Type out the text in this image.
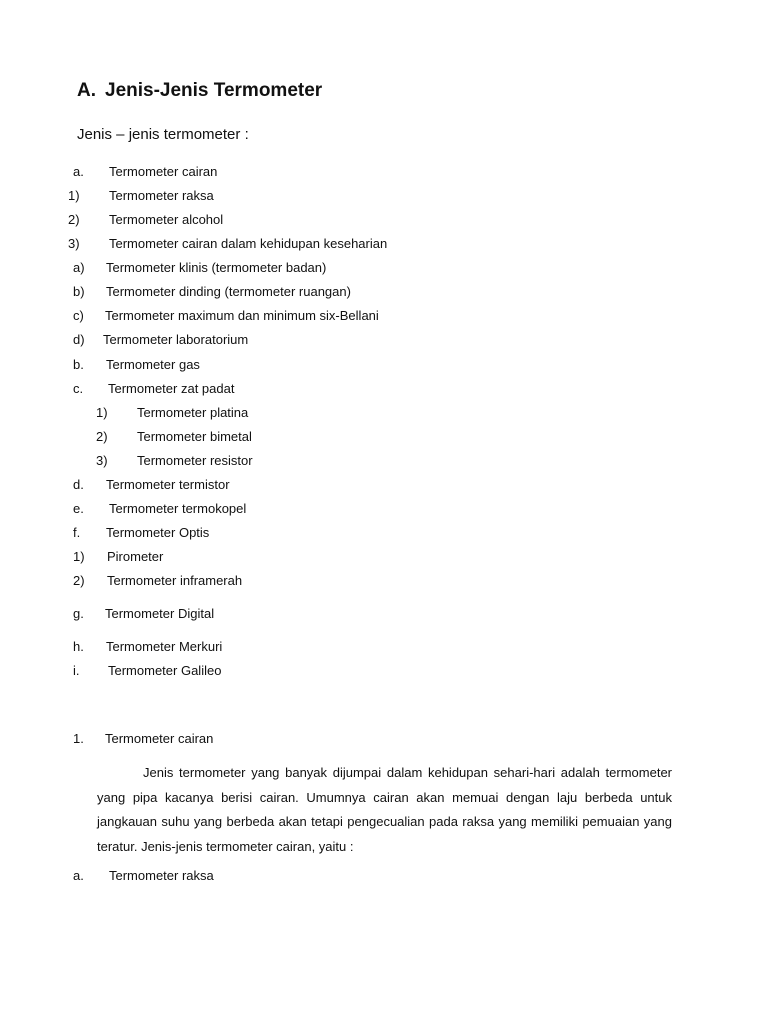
A. Jenis-Jenis Termometer
Jenis – jenis termometer :
a. Termometer cairan
1) Termometer raksa
2) Termometer alcohol
3) Termometer cairan dalam kehidupan keseharian
a) Termometer klinis (termometer badan)
b) Termometer dinding (termometer ruangan)
c) Termometer maximum dan minimum six-Bellani
d) Termometer laboratorium
b. Termometer gas
c. Termometer zat padat
1) Termometer platina
2) Termometer bimetal
3) Termometer resistor
d. Termometer termistor
e. Termometer termokopel
f. Termometer Optis
1) Pirometer
2) Termometer inframerah
g. Termometer Digital
h. Termometer Merkuri
i. Termometer Galileo
1. Termometer cairan
Jenis termometer yang banyak dijumpai dalam kehidupan sehari-hari adalah termometer yang pipa kacanya berisi cairan. Umumnya cairan akan memuai dengan laju berbeda untuk jangkauan suhu yang berbeda akan tetapi pengecualian pada raksa yang memiliki pemuaian yang teratur. Jenis-jenis termometer cairan, yaitu :
a. Termometer raksa
